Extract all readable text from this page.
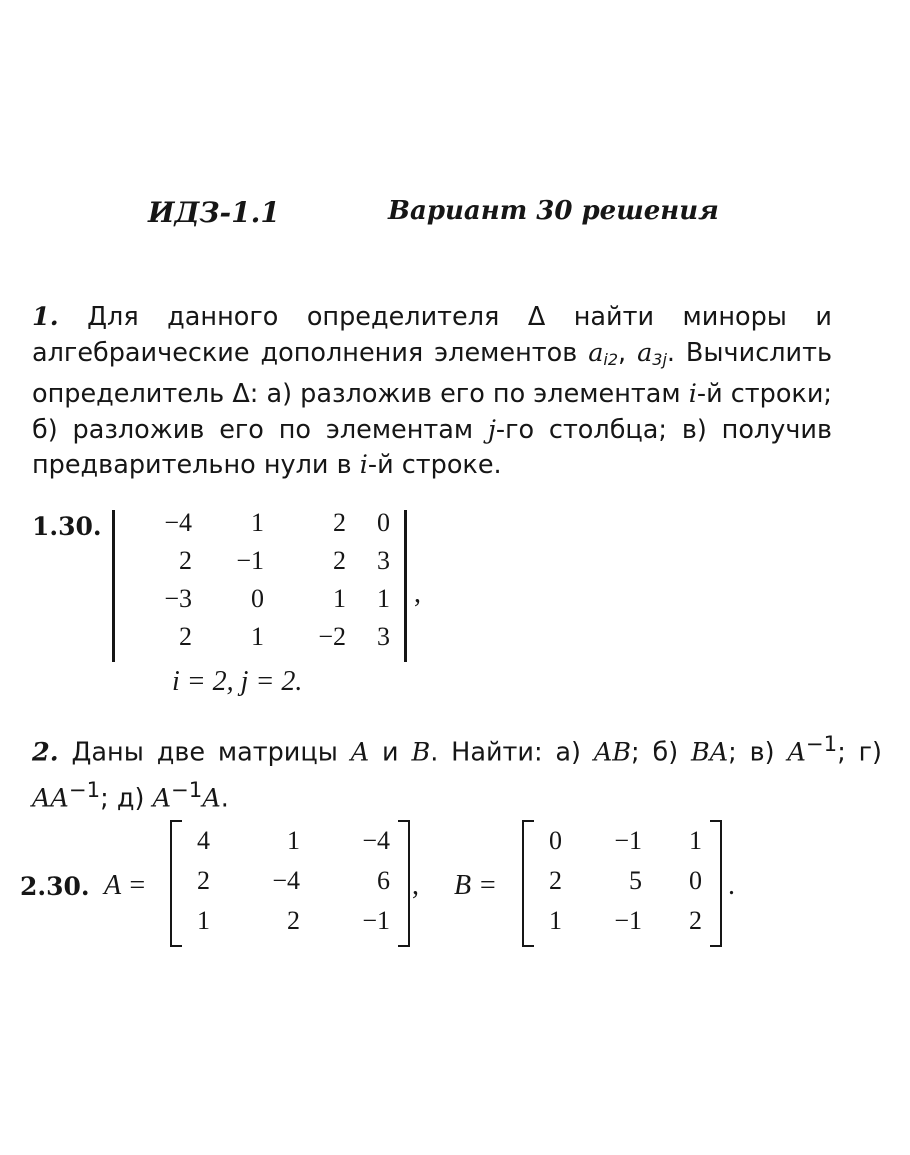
ИДЗ-1.1	Вариант 30 решения
1. Для данного определителя Δ найти миноры и алгебраические дополнения элементов $a_{i2}$, $a_{3j}$. Вычислить определитель Δ: а) разложив его по элементам i-й строки; б) разложив его по элементам j-го столбца; в) получив предварительно нули в i-й строке.
1.30.	−4	1	2	0
2	−1	2	3
−3	0	1	1
2	1	−2	3
,
i = 2, j = 2.
2. Даны две матрицы A и B. Найти: а) AB; б) BA; в) $A^{-1}$; г) $AA^{-1}$; д) $A^{-1}A$.
2.30. A =
4	1	−4
2	−4	6
1	2	−1
, B =
0	−1	1
2	5	0
1	−1	2
.
